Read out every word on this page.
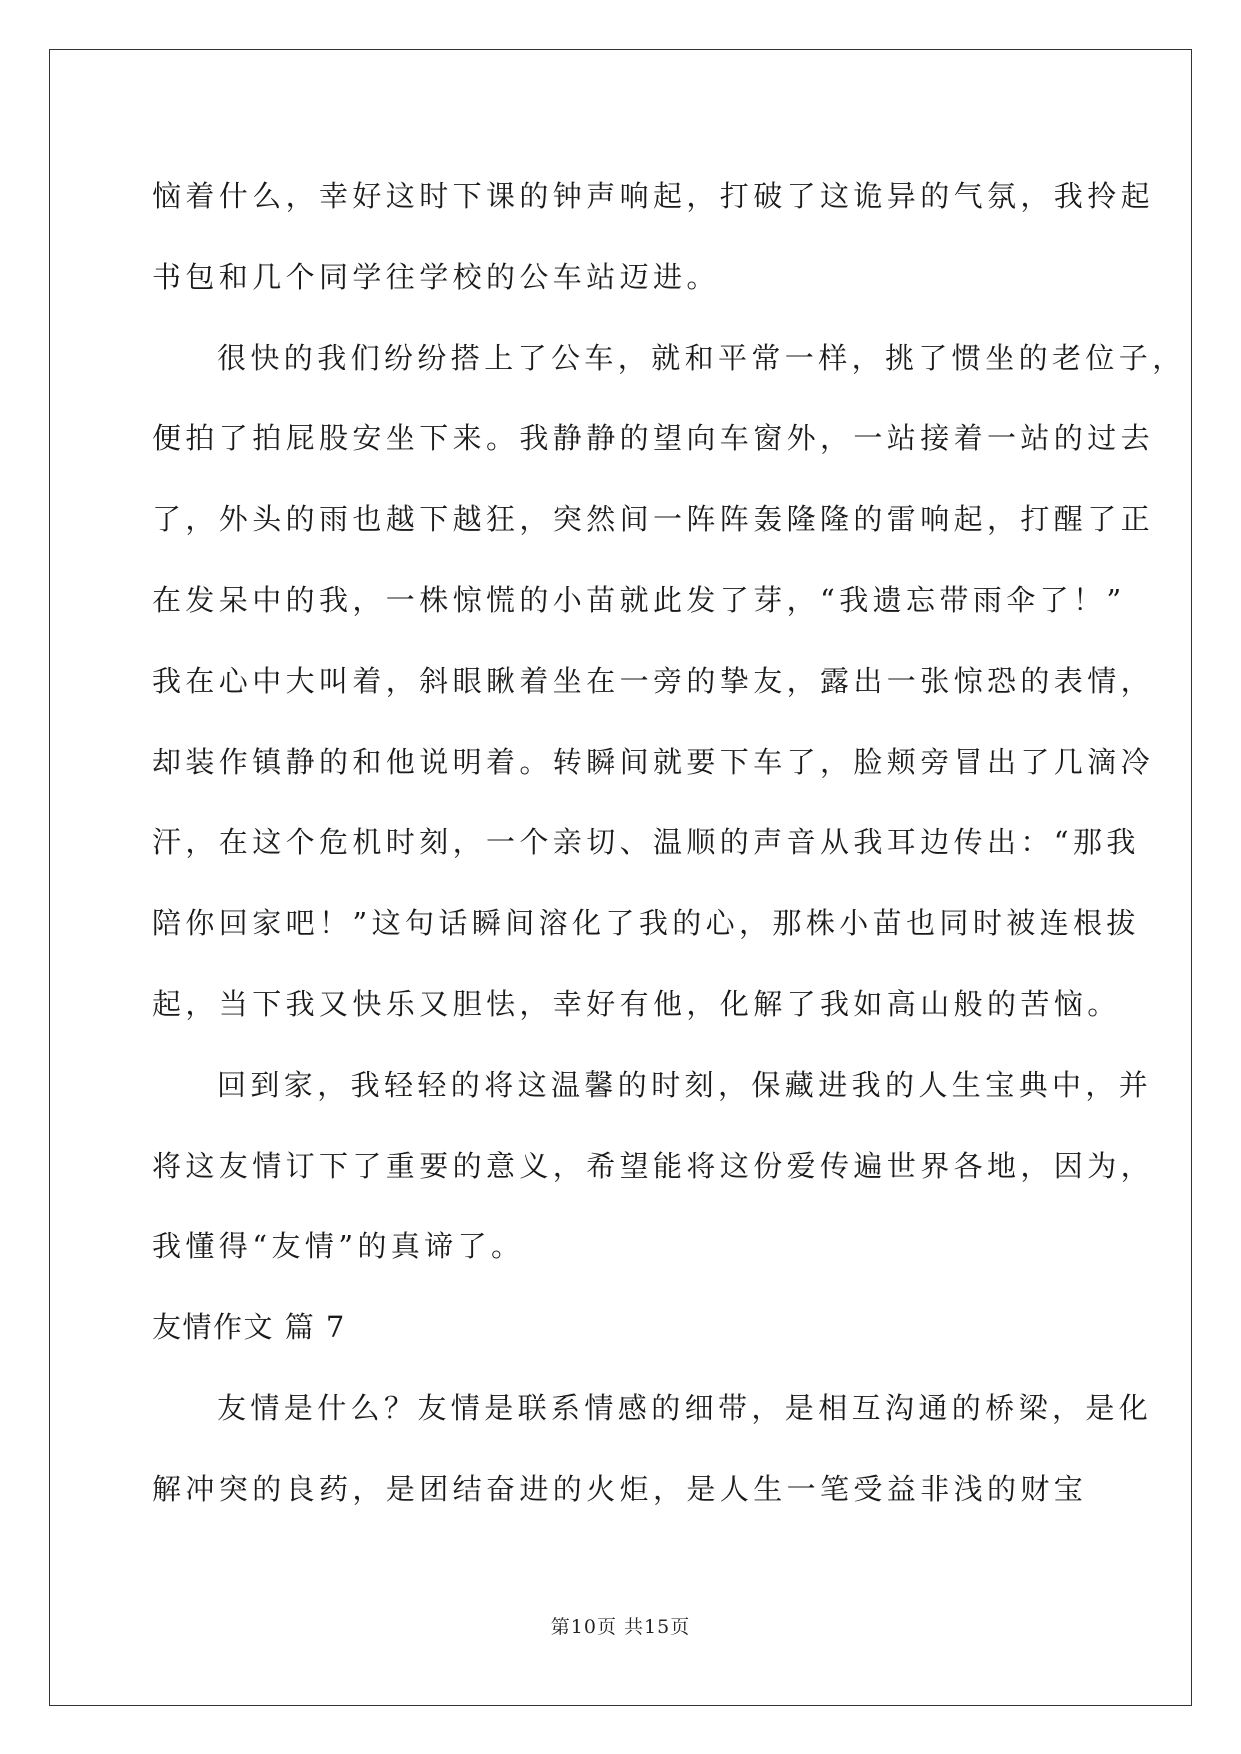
恼着什么，幸好这时下课的钟声响起，打破了这诡异的气氛，我拎起
书包和几个同学往学校的公车站迈进。
很快的我们纷纷搭上了公车，就和平常一样，挑了惯坐的老位子，
便拍了拍屁股安坐下来。我静静的望向车窗外，一站接着一站的过去
了，外头的雨也越下越狂，突然间一阵阵轰隆隆的雷响起，打醒了正
在发呆中的我，一株惊慌的小苗就此发了芽，“我遗忘带雨伞了！”
我在心中大叫着，斜眼瞅着坐在一旁的挚友，露出一张惊恐的表情，
却装作镇静的和他说明着。转瞬间就要下车了，脸颊旁冒出了几滴冷
汗，在这个危机时刻，一个亲切、温顺的声音从我耳边传出：“那我
陪你回家吧！”这句话瞬间溶化了我的心，那株小苗也同时被连根拔
起，当下我又快乐又胆怯，幸好有他，化解了我如高山般的苦恼。
回到家，我轻轻的将这温馨的时刻，保藏进我的人生宝典中，并
将这友情订下了重要的意义，希望能将这份爱传遍世界各地，因为，
我懂得“友情”的真谛了。
友情作文 篇 7
友情是什么？友情是联系情感的细带，是相互沟通的桥梁，是化
解冲突的良药，是团结奋进的火炬，是人生一笔受益非浅的财宝
第10页 共15页
